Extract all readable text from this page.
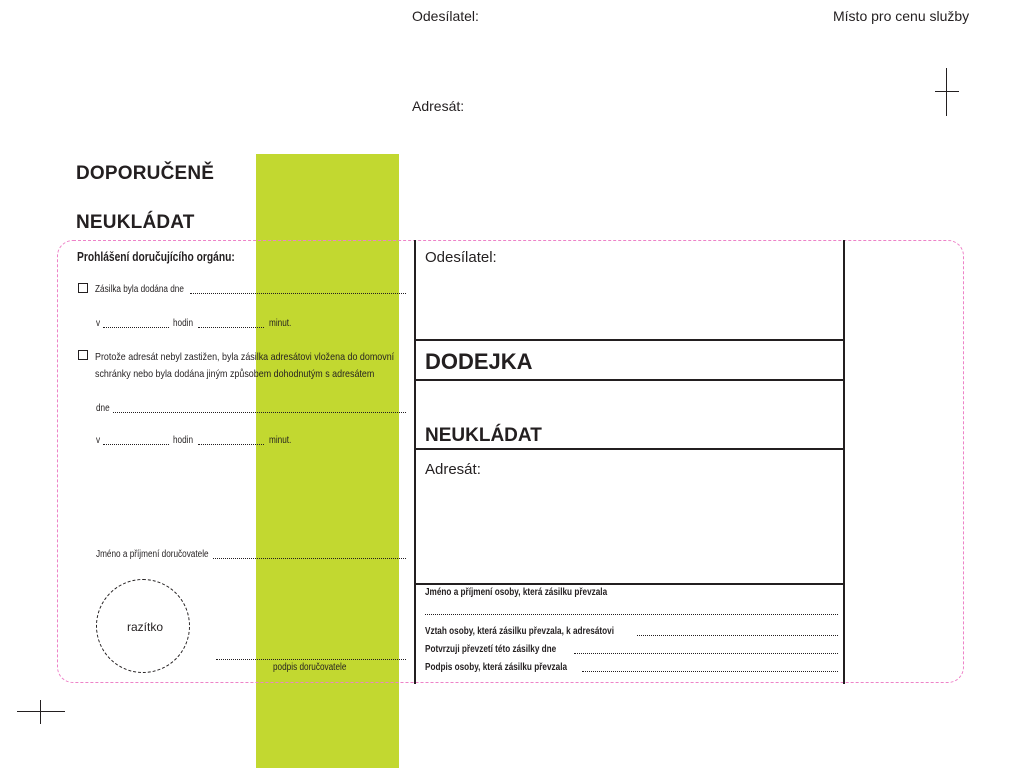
Odesílatel:	Místo pro cenu služby
Adresát:
DOPORUČENĚ
NEUKLÁDAT
Prohlášení doručujícího orgánu:
Zásilka byla dodána dne
v	hodin	minut.
Protože adresát nebyl zastižen, byla zásilka adresátovi vložena do domovní
schránky nebo byla dodána jiným způsobem dohodnutým s adresátem
dne
v	hodin	minut.
Jméno a příjmení doručovatele
razítko
podpis doručovatele
Odesílatel:
DODEJKA
NEUKLÁDAT
Adresát:
Jméno a příjmení osoby, která zásilku převzala
Vztah osoby, která zásilku převzala, k adresátovi
Potvrzuji převzetí této zásilky dne
Podpis osoby, která zásilku převzala
